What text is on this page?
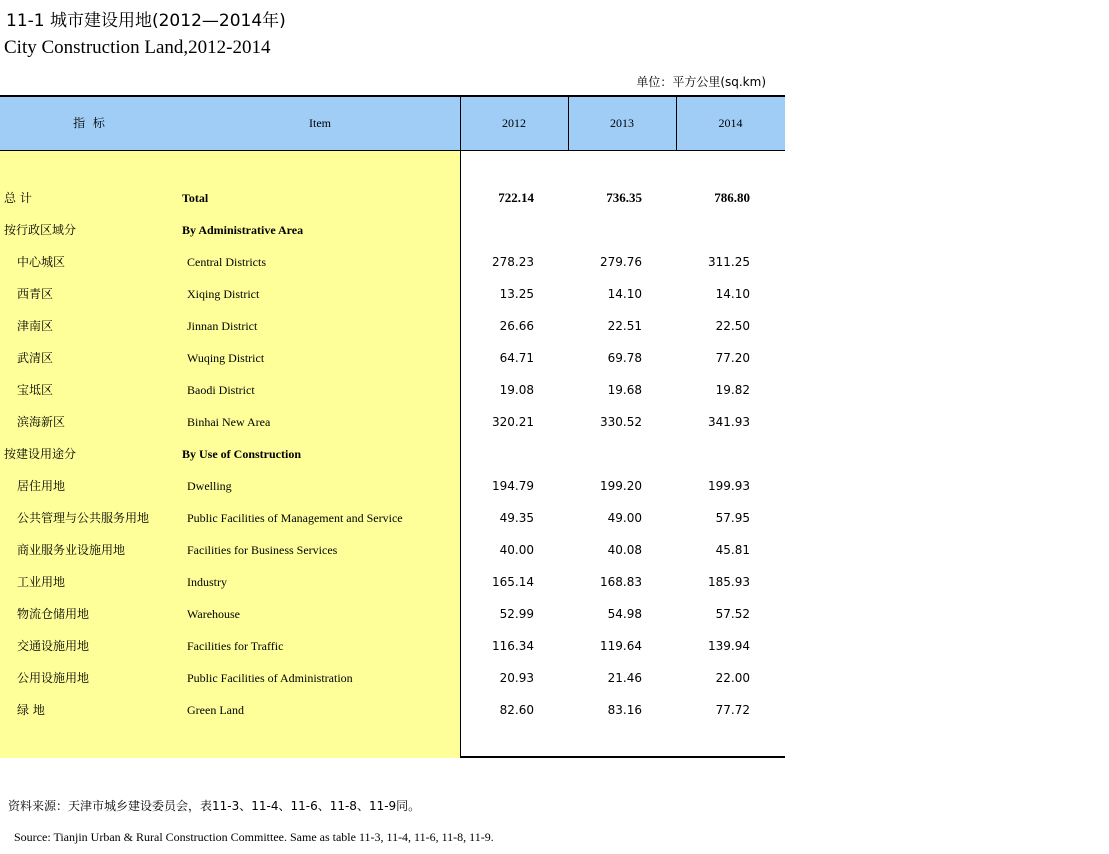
11-1 城市建设用地(2012—2014年)
City Construction Land,2012-2014
单位：平方公里(sq.km)
指 标	Item	2012	2013	2014
总 计	Total	722.14	736.35	786.80
按行政区域分	By Administrative Area
中心城区	Central Districts	278.23	279.76	311.25
西青区	Xiqing District	13.25	14.10	14.10
津南区	Jinnan District	26.66	22.51	22.50
武清区	Wuqing District	64.71	69.78	77.20
宝坻区	Baodi District	19.08	19.68	19.82
滨海新区	Binhai New Area	320.21	330.52	341.93
按建设用途分	By Use of Construction
居住用地	Dwelling	194.79	199.20	199.93
公共管理与公共服务用地	Public Facilities of Management and Service	49.35	49.00	57.95
商业服务业设施用地	Facilities for Business Services	40.00	40.08	45.81
工业用地	Industry	165.14	168.83	185.93
物流仓储用地	Warehouse	52.99	54.98	57.52
交通设施用地	Facilities for Traffic	116.34	119.64	139.94
公用设施用地	Public Facilities of Administration	20.93	21.46	22.00
绿 地	Green Land	82.60	83.16	77.72
资料来源：天津市城乡建设委员会，表11-3、11-4、11-6、11-8、11-9同。
Source: Tianjin Urban & Rural Construction Committee. Same as table 11-3, 11-4, 11-6, 11-8, 11-9.
